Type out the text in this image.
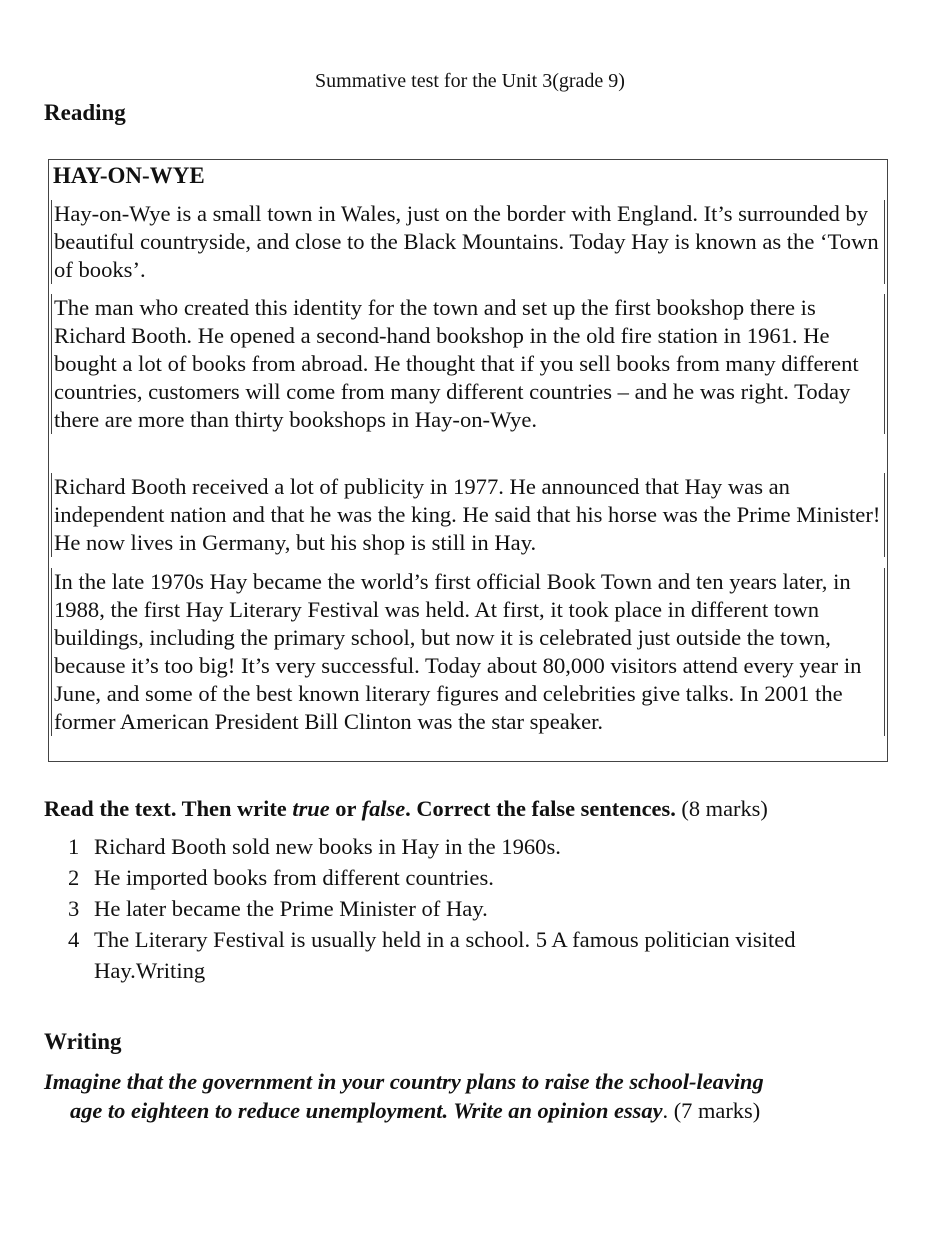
Summative test for the Unit 3(grade 9)
Reading
HAY-ON-WYE
Hay-on-Wye is a small town in Wales, just on the border with England. It’s surrounded by beautiful countryside, and close to the Black Mountains. Today Hay is known as the ‘Town of books’.
The man who created this identity for the town and set up the first bookshop there is Richard Booth. He opened a second-hand bookshop in the old fire station in 1961. He bought a lot of books from abroad. He thought that if you sell books from many different countries, customers will come from many different countries – and he was right. Today there are more than thirty bookshops in Hay-on-Wye.
Richard Booth received a lot of publicity in 1977. He announced that Hay was an independent nation and that he was the king. He said that his horse was the Prime Minister! He now lives in Germany, but his shop is still in Hay.
In the late 1970s Hay became the world’s first official Book Town and ten years later, in 1988, the first Hay Literary Festival was held. At first, it took place in different town buildings, including the primary school, but now it is celebrated just outside the town, because it’s too big! It’s very successful. Today about 80,000 visitors attend every year in June, and some of the best known literary figures and celebrities give talks. In 2001 the former American President Bill Clinton was the star speaker.
Read the text. Then write true or false. Correct the false sentences. (8 marks)
1 Richard Booth sold new books in Hay in the 1960s.
2 He imported books from different countries.
3 He later became the Prime Minister of Hay.
4 The Literary Festival is usually held in a school. 5 A famous politician visited Hay.Writing
Writing
Imagine that the government in your country plans to raise the school-leaving
age to eighteen to reduce unemployment. Write an opinion essay. (7 marks)
